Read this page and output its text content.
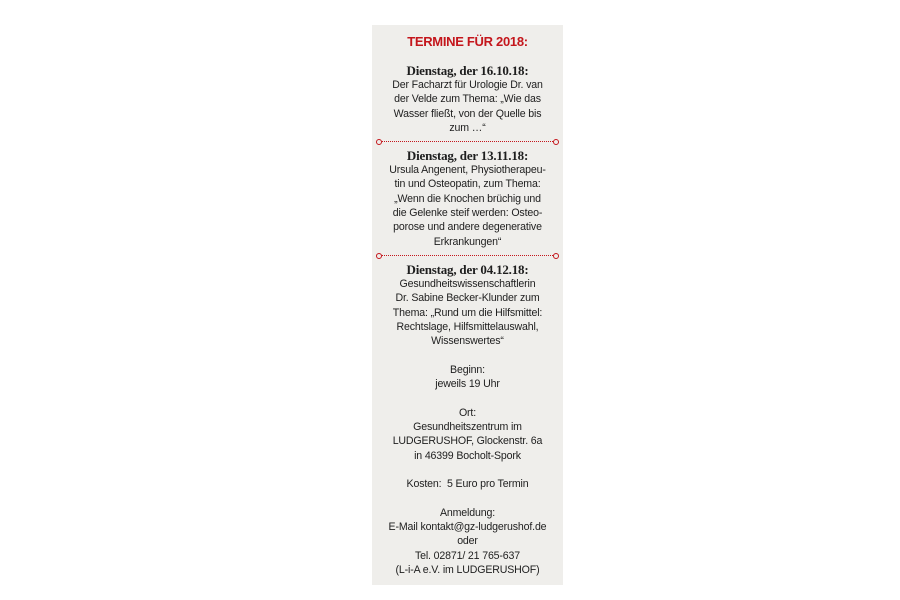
TERMINE FÜR 2018:
Dienstag, der 16.10.18:
Der Facharzt für Urologie Dr. van
der Velde zum Thema: „Wie das
Wasser fließt, von der Quelle bis
zum …“
Dienstag, der 13.11.18:
Ursula Angenent, Physiotherapeu-
tin und Osteopatin, zum Thema:
„Wenn die Knochen brüchig und
die Gelenke steif werden: Osteo-
porose und andere degenerative
Erkrankungen“
Dienstag, der 04.12.18:
Gesundheitswissenschaftlerin
Dr. Sabine Becker-Klunder zum
Thema: „Rund um die Hilfsmittel:
Rechtslage, Hilfsmittelauswahl,
Wissenswertes“
Beginn:
jeweils 19 Uhr
Ort:
Gesundheitszentrum im
LUDGERUSHOF, Glockenstr. 6a
in 46399 Bocholt-Spork
Kosten:  5 Euro pro Termin
Anmeldung:
E-Mail kontakt@gz-ludgerushof.de
oder
Tel. 02871/ 21 765-637
(L-i-A e.V. im LUDGERUSHOF)
